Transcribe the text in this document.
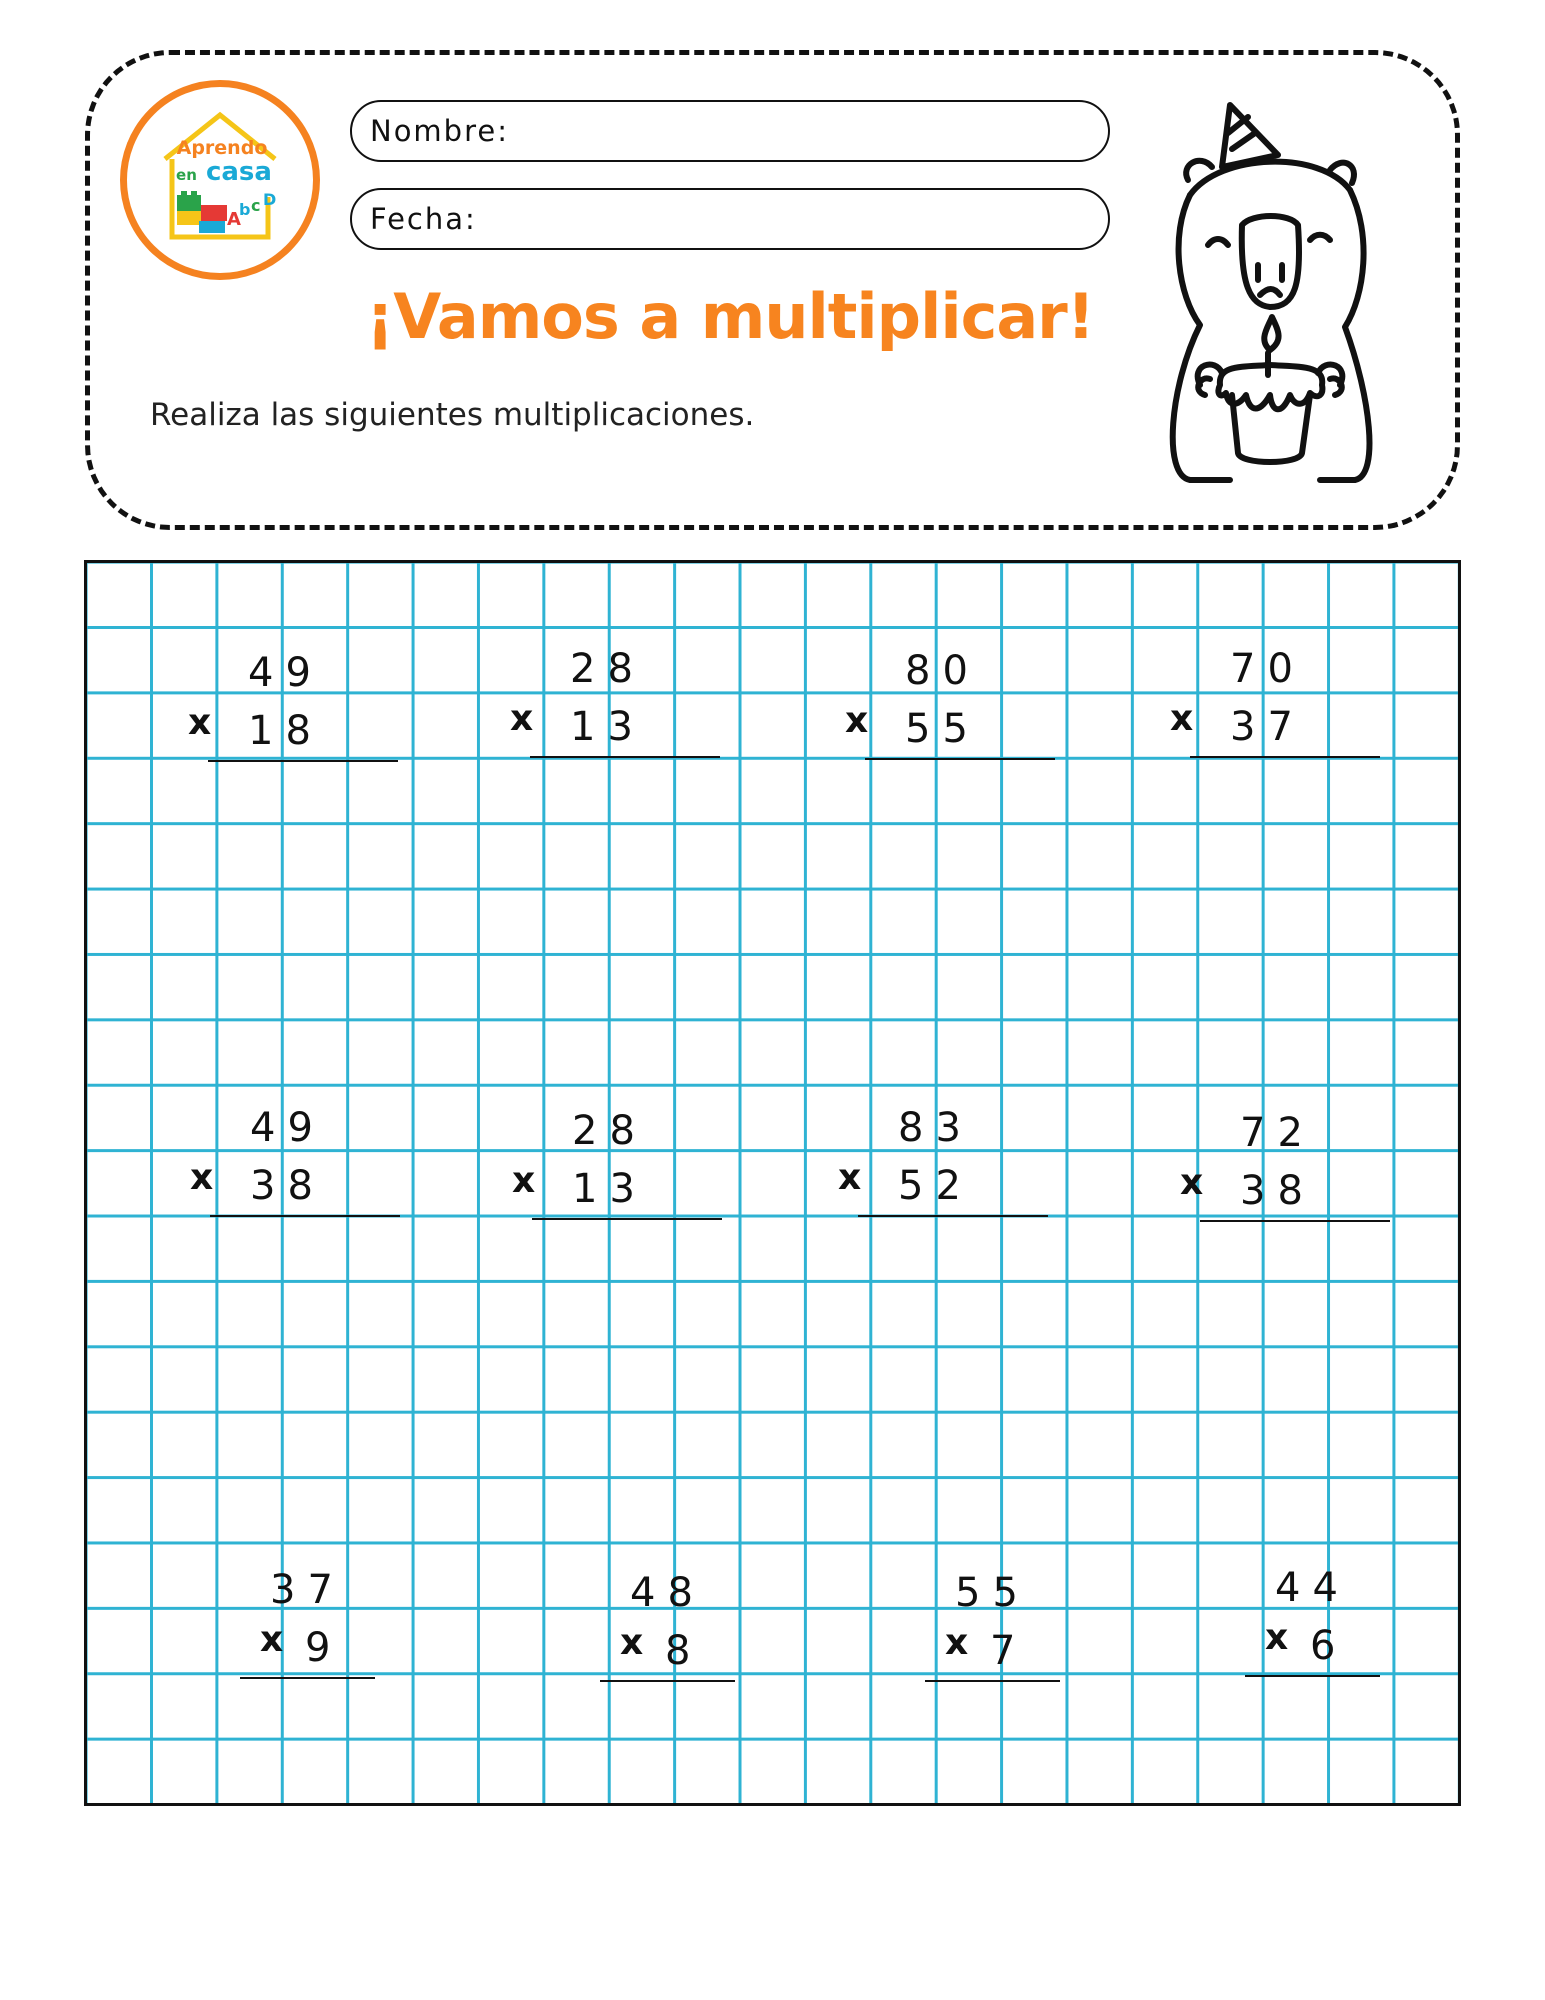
A
b c D
Aprendo
en casa
Nombre:
Fecha:
¡Vamos a multiplicar!
Realiza las siguientes multiplicaciones.
49
x 18
28
x 13
80
x 55
70
x 37
49
x 38
28
x 13
83
x 52
72
x 38
37
x 9
48
x 8
55
x 7
44
x 6
